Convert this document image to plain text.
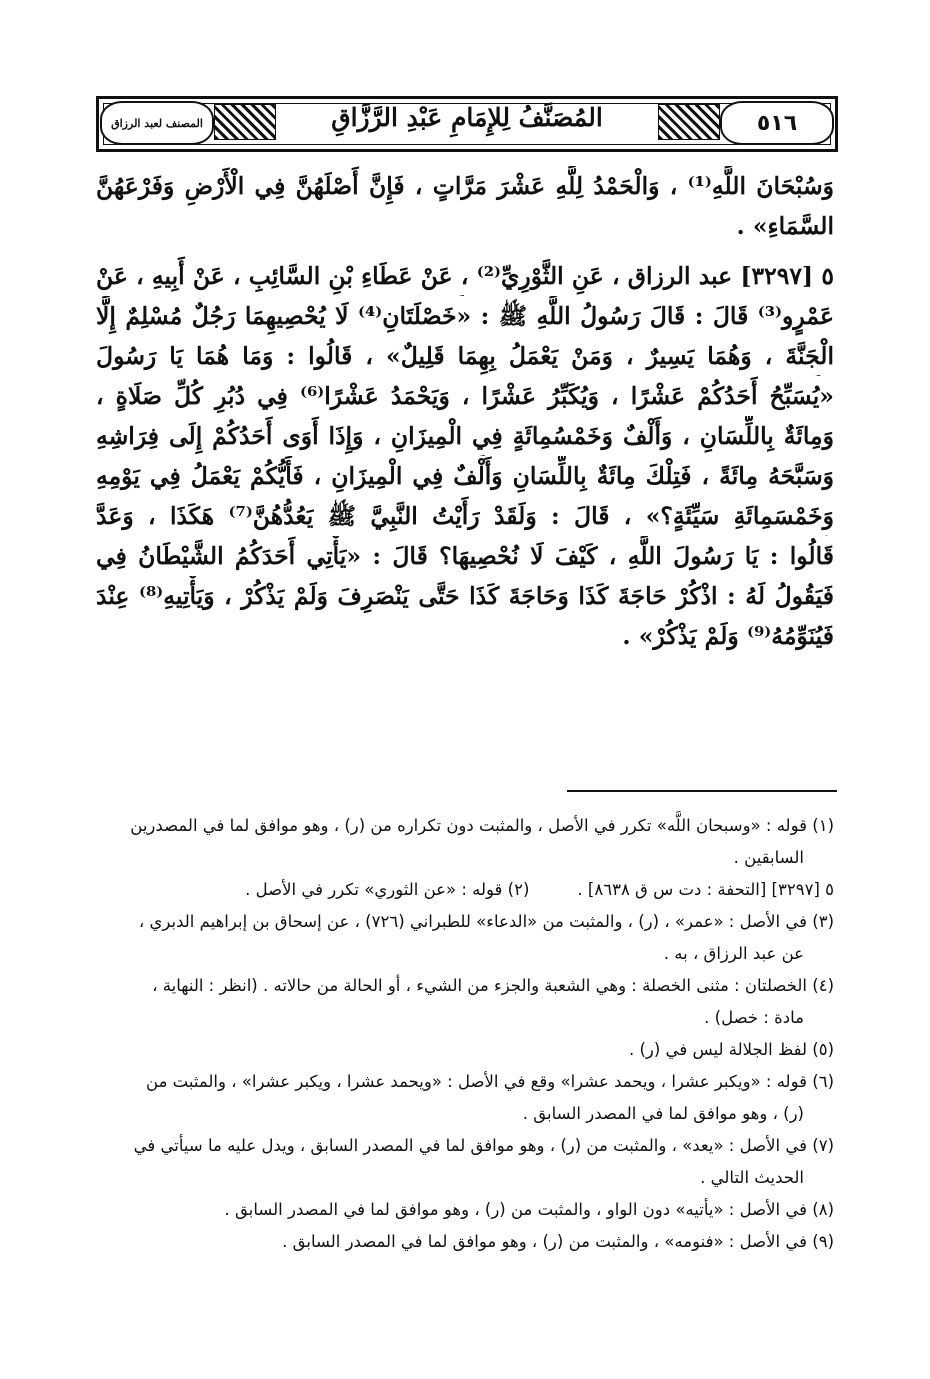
٥١٦
المُصَنَّفُ لِلإِمَامِ عَبْدِ الرَّزَّاقِ
المصنف لعبد الرزاق
وَسُبْحَانَ اللَّهِ⁽¹⁾ ، وَالْحَمْدُ لِلَّهِ عَشْرَ مَرَّاتٍ ، فَإِنَّ أَصْلَهُنَّ فِي الْأَرْضِ وَفَرْعَهُنَّ
السَّمَاءِ» .
٥ [٣٢٩٧] عبد الرزاق ، عَنِ الثَّوْرِيِّ⁽²⁾ ، عَنْ عَطَاءِ بْنِ السَّائِبِ ، عَنْ أَبِيهِ ، عَنْ
عَمْرٍو⁽³⁾ قَالَ : قَالَ رَسُولُ اللَّهِ ﷺ : «خَصْلَتَانِ⁽⁴⁾ لَا يُحْصِيهِمَا رَجُلٌ مُسْلِمٌ إِلَّا
الْجَنَّةَ ، وَهُمَا يَسِيرٌ ، وَمَنْ يَعْمَلُ بِهِمَا قَلِيلٌ» ، قَالُوا : وَمَا هُمَا يَا رَسُولَ
«يُسَبِّحُ أَحَدُكُمْ عَشْرًا ، وَيُكَبِّرُ عَشْرًا ، وَيَحْمَدُ عَشْرًا⁽⁶⁾ فِي دُبُرِ كُلِّ صَلَاةٍ ،
وَمِائَةٌ بِاللِّسَانِ ، وَأَلْفٌ وَخَمْسُمِائَةٍ فِي الْمِيزَانِ ، وَإِذَا أَوَى أَحَدُكُمْ إِلَى فِرَاشِهِ
وَسَبَّحَهُ مِائَةً ، فَتِلْكَ مِائَةٌ بِاللِّسَانِ وَأَلْفٌ فِي الْمِيزَانِ ، فَأَيُّكُمْ يَعْمَلُ فِي يَوْمِهِ
وَخَمْسَمِائَةِ سَيِّئَةٍ؟» ، قَالَ : وَلَقَدْ رَأَيْتُ النَّبِيَّ ﷺ يَعُدُّهُنَّ⁽⁷⁾ هَكَذَا ، وَعَدَّ
قَالُوا : يَا رَسُولَ اللَّهِ ، كَيْفَ لَا نُحْصِيهَا؟ قَالَ : «يَأْتِي أَحَدَكُمُ الشَّيْطَانُ فِي
فَيَقُولُ لَهُ : اذْكُرْ حَاجَةَ كَذَا وَحَاجَةَ كَذَا حَتَّى يَنْصَرِفَ وَلَمْ يَذْكُرْ ، وَيَأْتِيهِ⁽⁸⁾ عِنْدَ
فَيُنَوِّمُهُ⁽⁹⁾ وَلَمْ يَذْكُرْ» .
(١) قوله : «وسبحان اللَّه» تكرر في الأصل ، والمثبت دون تكراره من (ر) ، وهو موافق لما في المصدرين
السابقين .
٥ [٣٢٩٧] [التحفة : دت س ق ٨٦٣٨] .
(٢) قوله : «عن الثوري» تكرر في الأصل .
(٣) في الأصل : «عمر» ، (ر) ، والمثبت من «الدعاء» للطبراني (٧٢٦) ، عن إسحاق بن إبراهيم الدبري ،
عن عبد الرزاق ، به .
(٤) الخصلتان : مثنى الخصلة : وهي الشعبة والجزء من الشيء ، أو الحالة من حالاته . (انظر : النهاية ،
مادة : خصل) .
(٥) لفظ الجلالة ليس في (ر) .
(٦) قوله : «ويكبر عشرا ، ويحمد عشرا» وقع في الأصل : «ويحمد عشرا ، ويكبر عشرا» ، والمثبت من
(ر) ، وهو موافق لما في المصدر السابق .
(٧) في الأصل : «يعد» ، والمثبت من (ر) ، وهو موافق لما في المصدر السابق ، ويدل عليه ما سيأتي في
الحديث التالي .
(٨) في الأصل : «يأتيه» دون الواو ، والمثبت من (ر) ، وهو موافق لما في المصدر السابق .
(٩) في الأصل : «فنومه» ، والمثبت من (ر) ، وهو موافق لما في المصدر السابق .
